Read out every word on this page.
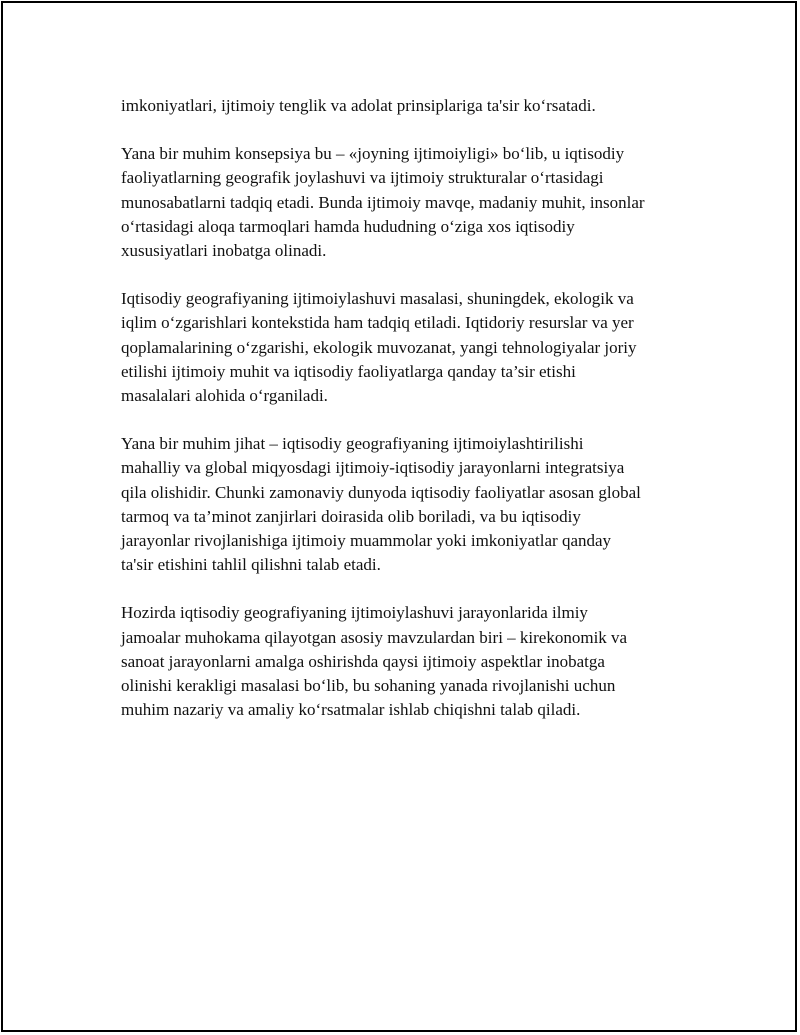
imkoniyatlari, ijtimoiy tenglik va adolat prinsiplariga ta'sir ko‘rsatadi.

Yana bir muhim konsepsiya bu – «joyning ijtimoiyligi» bo‘lib, u iqtisodiy
faoliyatlarning geografik joylashuvi va ijtimoiy strukturalar o‘rtasidagi
munosabatlarni tadqiq etadi. Bunda ijtimoiy mavqe, madaniy muhit, insonlar
o‘rtasidagi aloqa tarmoqlari hamda hududning o‘ziga xos iqtisodiy
xususiyatlari inobatga olinadi.

Iqtisodiy geografiyaning ijtimoiylashuvi masalasi, shuningdek, ekologik va
iqlim o‘zgarishlari kontekstida ham tadqiq etiladi. Iqtidoriy resurslar va yer
qoplamalarining o‘zgarishi, ekologik muvozanat, yangi tehnologiyalar joriy
etilishi ijtimoiy muhit va iqtisodiy faoliyatlarga qanday ta’sir etishi
masalalari alohida o‘rganiladi.

Yana bir muhim jihat – iqtisodiy geografiyaning ijtimoiylashtirilishi
mahalliy va global miqyosdagi ijtimoiy-iqtisodiy jarayonlarni integratsiya
qila olishidir. Chunki zamonaviy dunyoda iqtisodiy faoliyatlar asosan global
tarmoq va ta’minot zanjirlari doirasida olib boriladi, va bu iqtisodiy
jarayonlar rivojlanishiga ijtimoiy muammolar yoki imkoniyatlar qanday
ta'sir etishini tahlil qilishni talab etadi.

Hozirda iqtisodiy geografiyaning ijtimoiylashuvi jarayonlarida ilmiy
jamoalar muhokama qilayotgan asosiy mavzulardan biri – kirekonomik va
sanoat jarayonlarni amalga oshirishda qaysi ijtimoiy aspektlar inobatga
olinishi kerakligi masalasi bo‘lib, bu sohaning yanada rivojlanishi uchun
muhim nazariy va amaliy ko‘rsatmalar ishlab chiqishni talab qiladi.
